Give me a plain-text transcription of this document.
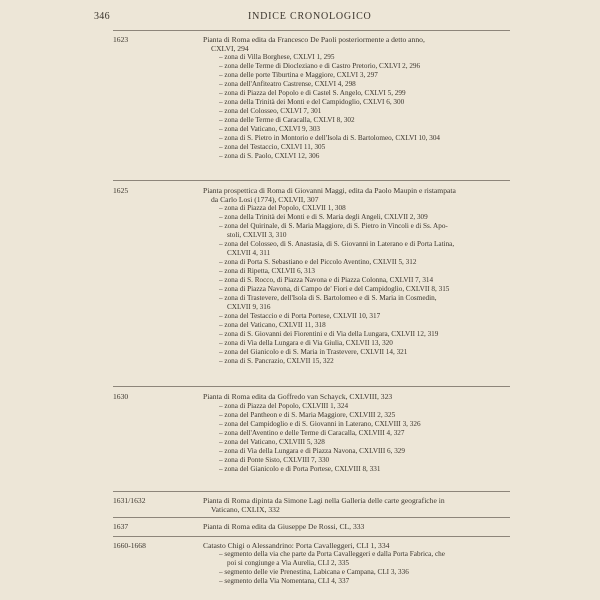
346	INDICE CRONOLOGICO
1623	Pianta di Roma edita da Francesco De Paoli posteriormente a detto anno,
CXLVI, 294
– zona di Villa Borghese, CXLVI 1, 295
– zona delle Terme di Diocleziano e di Castro Pretorio, CXLVI 2, 296
– zona delle porte Tiburtina e Maggiore, CXLVI 3, 297
– zona dell'Anfiteatro Castrense, CXLVI 4, 298
– zona di Piazza del Popolo e di Castel S. Angelo, CXLVI 5, 299
– zona della Trinità dei Monti e del Campidoglio, CXLVI 6, 300
– zona del Colosseo, CXLVI 7, 301
– zona delle Terme di Caracalla, CXLVI 8, 302
– zona del Vaticano, CXLVI 9, 303
– zona di S. Pietro in Montorio e dell'Isola di S. Bartolomeo, CXLVI 10, 304
– zona del Testaccio, CXLVI 11, 305
– zona di S. Paolo, CXLVI 12, 306
1625	Pianta prospettica di Roma di Giovanni Maggi, edita da Paolo Maupin e ristampata
da Carlo Losi (1774), CXLVII, 307
– zona di Piazza del Popolo, CXLVII 1, 308
– zona della Trinità dei Monti e di S. Maria degli Angeli, CXLVII 2, 309
– zona del Quirinale, di S. Maria Maggiore, di S. Pietro in Vincoli e di Ss. Apo-
stoli, CXLVII 3, 310
– zona del Colosseo, di S. Anastasia, di S. Giovanni in Laterano e di Porta Latina,
CXLVII 4, 311
– zona di Porta S. Sebastiano e del Piccolo Aventino, CXLVII 5, 312
– zona di Ripetta, CXLVII 6, 313
– zona di S. Rocco, di Piazza Navona e di Piazza Colonna, CXLVII 7, 314
– zona di Piazza Navona, di Campo de' Fiori e del Campidoglio, CXLVII 8, 315
– zona di Trastevere, dell'Isola di S. Bartolomeo e di S. Maria in Cosmedin,
CXLVII 9, 316
– zona del Testaccio e di Porta Portese, CXLVII 10, 317
– zona del Vaticano, CXLVII 11, 318
– zona di S. Giovanni dei Fiorentini e di Via della Lungara, CXLVII 12, 319
– zona di Via della Lungara e di Via Giulia, CXLVII 13, 320
– zona del Gianicolo e di S. Maria in Trastevere, CXLVII 14, 321
– zona di S. Pancrazio, CXLVII 15, 322
1630	Pianta di Roma edita da Goffredo van Schayck, CXLVIII, 323
– zona di Piazza del Popolo, CXLVIII 1, 324
– zona del Pantheon e di S. Maria Maggiore, CXLVIII 2, 325
– zona del Campidoglio e di S. Giovanni in Laterano, CXLVIII 3, 326
– zona dell'Aventino e delle Terme di Caracalla, CXLVIII 4, 327
– zona del Vaticano, CXLVIII 5, 328
– zona di Via della Lungara e di Piazza Navona, CXLVIII 6, 329
– zona di Ponte Sisto, CXLVIII 7, 330
– zona del Gianicolo e di Porta Portese, CXLVIII 8, 331
1631/1632	Pianta di Roma dipinta da Simone Lagi nella Galleria delle carte geografiche in
Vaticano, CXLIX, 332
1637	Pianta di Roma edita da Giuseppe De Rossi, CL, 333
1660-1668	Catasto Chigi o Alessandrino: Porta Cavalleggeri, CLI 1, 334
– segmento della via che parte da Porta Cavalleggeri e dalla Porta Fabrica, che
poi si congiunge a Via Aurelia, CLI 2, 335
– segmento delle vie Prenestina, Labicana e Campana, CLI 3, 336
– segmento della Via Nomentana, CLI 4, 337
